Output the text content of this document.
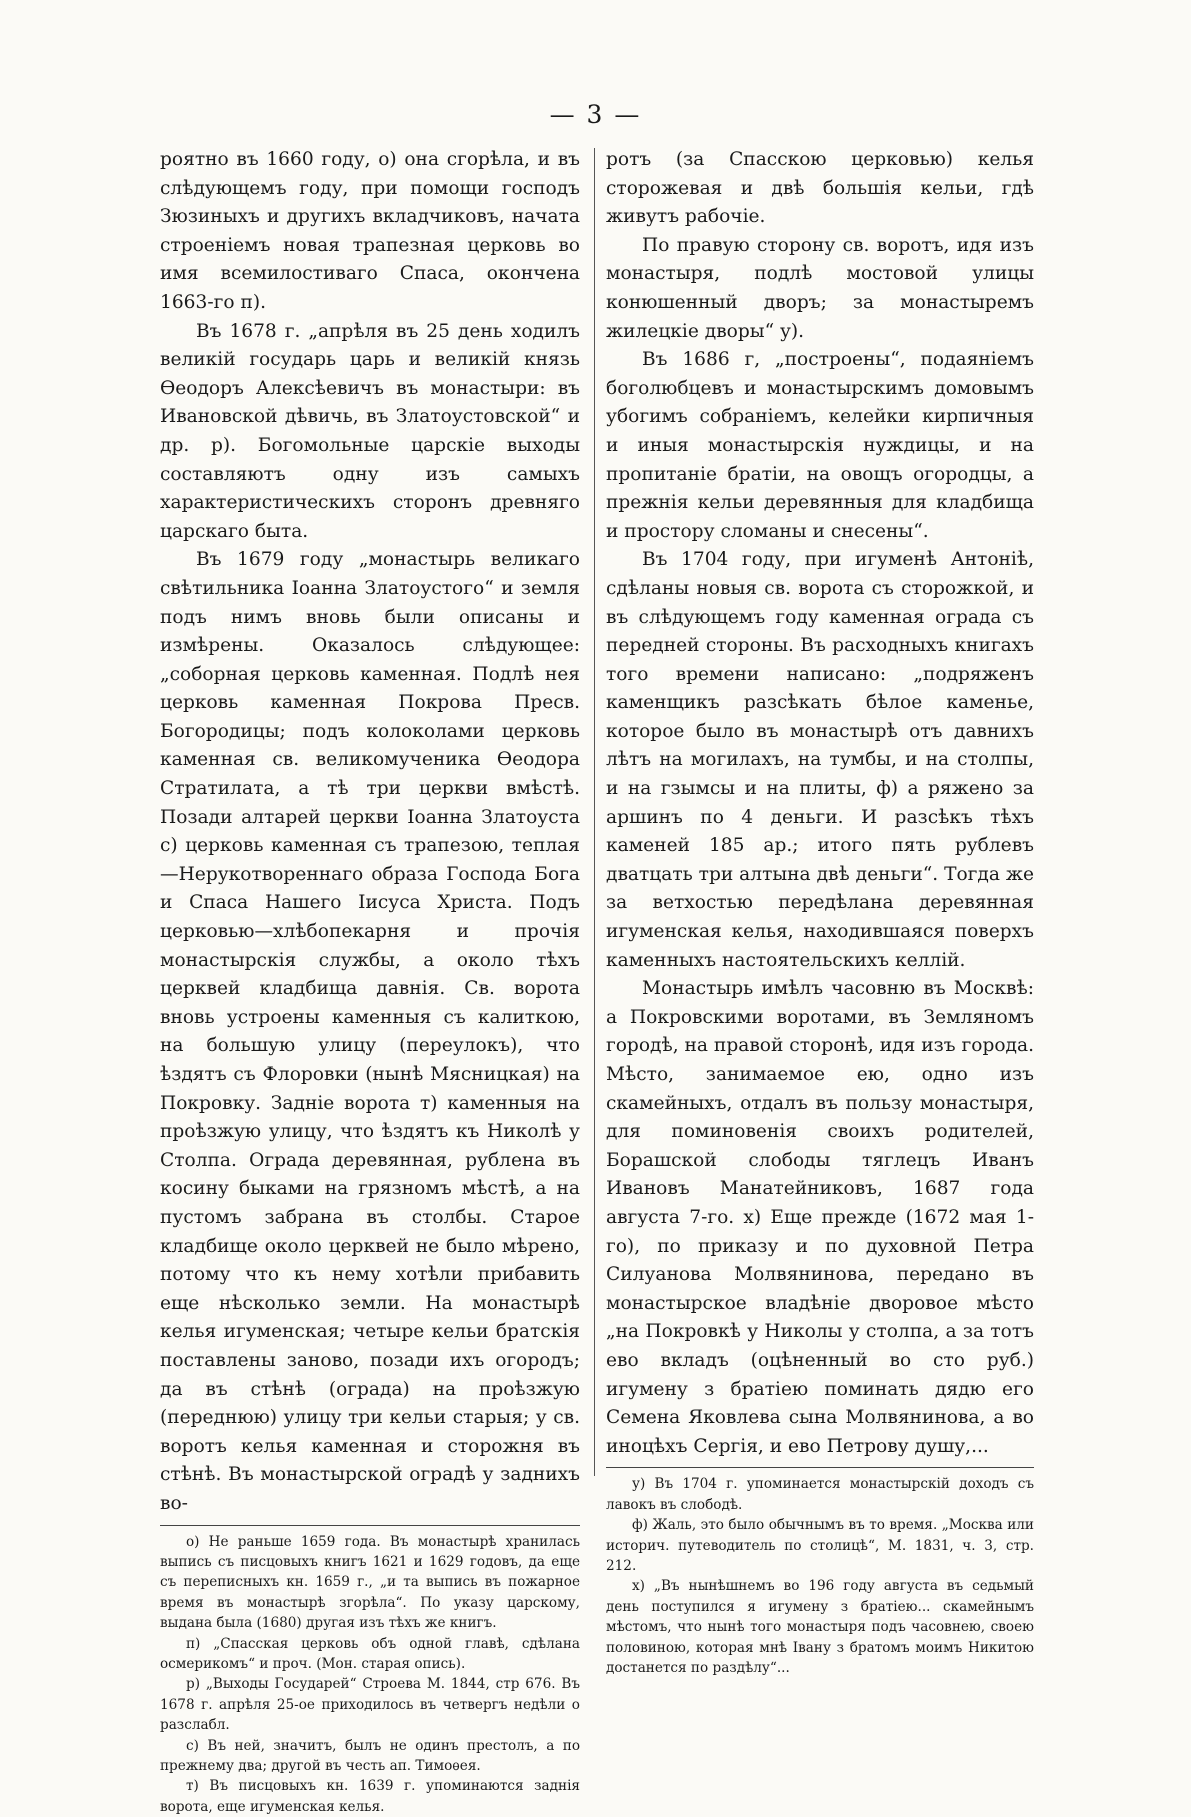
— 3 —

роятно въ 1660 году, о) она сгорѣла, и въ слѣдующемъ году, при помощи господъ Зюзиныхъ и другихъ вкладчиковъ, начата строеніемъ новая трапезная церковь во имя всемилостиваго Спаса, окончена 1663-го п).

Въ 1678 г. „апрѣля въ 25 день ходилъ великій государь царь и великій князь Ѳеодоръ Алексѣевичъ въ монастыри: въ Ивановской дѣвичь, въ Златоустовской“ и др. р). Богомольные царскіе выходы составляютъ одну изъ самыхъ характеристическихъ сторонъ древняго царскаго быта.

Въ 1679 году „монастырь великаго свѣтильника Іоанна Златоустого“ и земля подъ нимъ вновь были описаны и измѣрены. Оказалось слѣдующее: „соборная церковь каменная. Подлѣ нея церковь каменная Покрова Пресв. Богородицы; подъ колоколами церковь каменная св. великомученика Ѳеодора Стратилата, а тѣ три церкви вмѣстѣ. Позади алтарей церкви Іоанна Златоуста с) церковь каменная съ трапезою, теплая—Нерукотвореннаго образа Господа Бога и Спаса Нашего Іисуса Христа. Подъ церковью—хлѣбопекарня и прочія монастырскія службы, а около тѣхъ церквей кладбища давнія. Св. ворота вновь устроены каменныя съ калиткою, на большую улицу (переулокъ), что ѣздятъ съ Флоровки (нынѣ Мясницкая) на Покровку. Задніе ворота т) каменныя на проѣзжую улицу, что ѣздятъ къ Николѣ у Столпа. Ограда деревянная, рублена въ косину быками на грязномъ мѣстѣ, а на пустомъ забрана въ столбы. Старое кладбище около церквей не было мѣрено, потому что къ нему хотѣли прибавить еще нѣсколько земли. На монастырѣ келья игуменская; четыре кельи братскія поставлены заново, позади ихъ огородъ; да въ стѣнѣ (ограда) на проѣзжую (переднюю) улицу три кельи старыя; у св. воротъ келья каменная и сторожня въ стѣнѣ. Въ монастырской оградѣ у заднихъ во-

о) Не раньше 1659 года. Въ монастырѣ хранилась выпись съ писцовыхъ книгъ 1621 и 1629 годовъ, да еще съ переписныхъ кн. 1659 г., „и та выпись въ пожарное время въ монастырѣ згорѣла“. По указу царскому, выдана была (1680) другая изъ тѣхъ же книгъ.

п) „Спасская церковь объ одной главѣ, сдѣлана осмерикомъ“ и проч. (Мон. старая опись).

р) „Выходы Государей“ Строева М. 1844, стр 676. Въ 1678 г. апрѣля 25-ое приходилось въ четвергъ недѣли о разслабл.

с) Въ ней, значитъ, былъ не одинъ престолъ, а по прежнему два; другой въ честь ап. Тимоѳея.

т) Въ писцовыхъ кн. 1639 г. упоминаются заднія ворота, еще игуменская келья.

ротъ (за Спасскою церковью) келья сторожевая и двѣ большія кельи, гдѣ живутъ рабочіе.

По правую сторону св. воротъ, идя изъ монастыря, подлѣ мостовой улицы конюшенный дворъ; за монастыремъ жилецкіе дворы“ у).

Въ 1686 г, „построены“, подаяніемъ боголюбцевъ и монастырскимъ домовымъ убогимъ собраніемъ, келейки кирпичныя и иныя монастырскія нуждицы, и на пропитаніе братіи, на овощъ огородцы, а прежнія кельи деревянныя для кладбища и простору сломаны и снесены“.

Въ 1704 году, при игуменѣ Антоніѣ, сдѣланы новыя св. ворота съ сторожкой, и въ слѣдующемъ году каменная ограда съ передней стороны. Въ расходныхъ книгахъ того времени написано: „подряженъ каменщикъ разсѣкать бѣлое каменье, которое было въ монастырѣ отъ давнихъ лѣтъ на могилахъ, на тумбы, и на столпы, и на гзымсы и на плиты, ф) а ряжено за аршинъ по 4 деньги. И разсѣкъ тѣхъ каменей 185 ар.; итого пять рублевъ дватцать три алтына двѣ деньги“. Тогда же за ветхостью передѣлана деревянная игуменская келья, находившаяся поверхъ каменныхъ настоятельскихъ келлій.

Монастырь имѣлъ часовню въ Москвѣ: а Покровскими воротами, въ Земляномъ городѣ, на правой сторонѣ, идя изъ города. Мѣсто, занимаемое ею, одно изъ скамейныхъ, отдалъ въ пользу монастыря, для поминовенія своихъ родителей, Борашской слободы тяглецъ Иванъ Ивановъ Манатейниковъ, 1687 года августа 7-го. х) Еще прежде (1672 мая 1-го), по приказу и по духовной Петра Силуанова Молвянинова, передано въ монастырское владѣніе дворовое мѣсто „на Покровкѣ у Николы у столпа, а за тотъ ево вкладъ (оцѣненный во сто руб.) игумену з братіею поминать дядю его Семена Яковлева сына Молвянинова, а во иноцѣхъ Сергія, и ево Петрову душу,...

у) Въ 1704 г. упоминается монастырскій доходъ съ лавокъ въ слободѣ.

ф) Жаль, это было обычнымъ въ то время. „Москва или историч. путеводитель по столицѣ“, М. 1831, ч. 3, стр. 212.

х) „Въ нынѣшнемъ во 196 году августа въ седьмый день поступился я игумену з братіею... скамейнымъ мѣстомъ, что нынѣ того монастыря подъ часовнею, своею половиною, которая мнѣ Івану з братомъ моимъ Никитою достанется по раздѣлу“...
